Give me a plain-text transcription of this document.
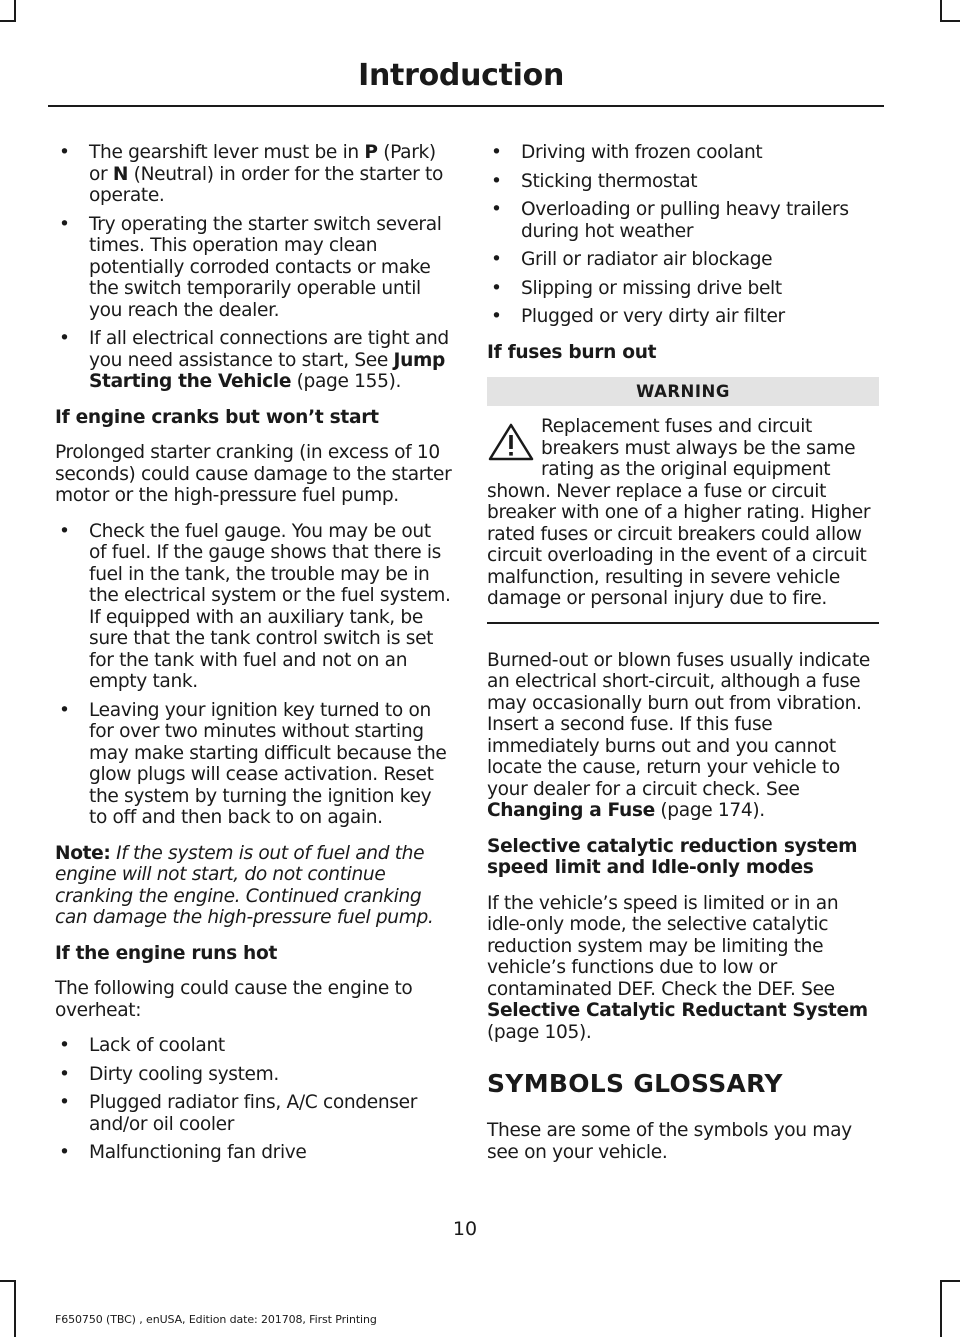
Introduction
• The gearshift lever must be in P (Park) or N (Neutral) in order for the starter to operate.
• Try operating the starter switch several times. This operation may clean potentially corroded contacts or make the switch temporarily operable until you reach the dealer.
• If all electrical connections are tight and you need assistance to start, See Jump Starting the Vehicle (page 155).
If engine cranks but won’t start

Prolonged starter cranking (in excess of 10 seconds) could cause damage to the starter motor or the high-pressure fuel pump.

• Check the fuel gauge. You may be out of fuel. If the gauge shows that there is fuel in the tank, the trouble may be in the electrical system or the fuel system. If equipped with an auxiliary tank, be sure that the tank control switch is set for the tank with fuel and not on an empty tank.
• Leaving your ignition key turned to on for over two minutes without starting may make starting difficult because the glow plugs will cease activation. Reset the system by turning the ignition key to off and then back to on again.

Note: If the system is out of fuel and the engine will not start, do not continue cranking the engine. Continued cranking can damage the high-pressure fuel pump.

If the engine runs hot

The following could cause the engine to overheat:

• Lack of coolant
• Dirty cooling system.
• Plugged radiator fins, A/C condenser and/or oil cooler
• Malfunctioning fan drive
• Driving with frozen coolant
• Sticking thermostat
• Overloading or pulling heavy trailers during hot weather
• Grill or radiator air blockage
• Slipping or missing drive belt
• Plugged or very dirty air filter
If fuses burn out
WARNING

Replacement fuses and circuit breakers must always be the same rating as the original equipment shown. Never replace a fuse or circuit breaker with one of a higher rating. Higher rated fuses or circuit breakers could allow circuit overloading in the event of a circuit malfunction, resulting in severe vehicle damage or personal injury due to fire.

Burned-out or blown fuses usually indicate an electrical short-circuit, although a fuse may occasionally burn out from vibration. Insert a second fuse. If this fuse immediately burns out and you cannot locate the cause, return your vehicle to your dealer for a circuit check. See Changing a Fuse (page 174).

Selective catalytic reduction system speed limit and Idle-only modes

If the vehicle’s speed is limited or in an idle-only mode, the selective catalytic reduction system may be limiting the vehicle’s functions due to low or contaminated DEF. Check the DEF. See Selective Catalytic Reductant System (page 105).

SYMBOLS GLOSSARY

These are some of the symbols you may see on your vehicle.

10
F650750 (TBC) , enUSA, Edition date: 201708, First Printing
